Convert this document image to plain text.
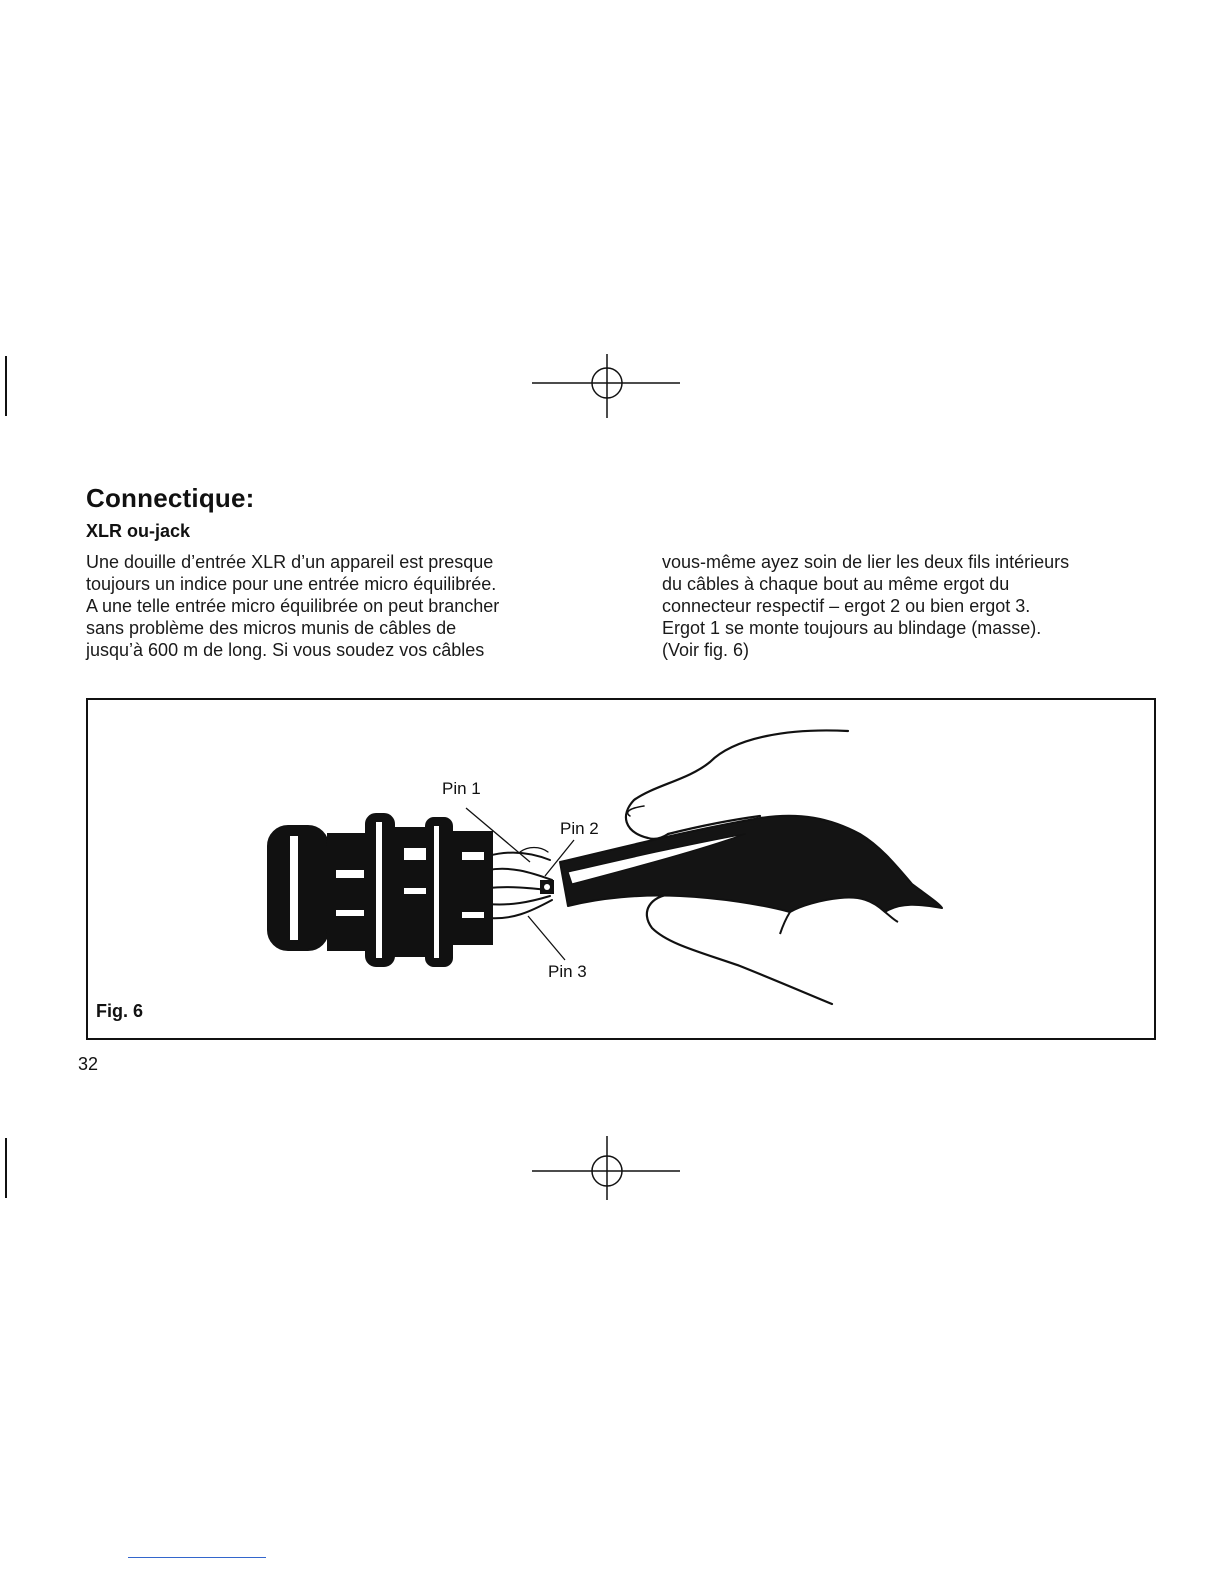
Connectique:
XLR ou-jack
Une douille d’entrée XLR d’un appareil est presque
toujours un indice pour une entrée micro équilibrée.
A une telle entrée micro équilibrée on peut brancher
sans problème des micros munis de câbles de
jusqu’à 600 m de long. Si vous soudez vos câbles
vous-même ayez soin de lier les deux fils intérieurs
du câbles à chaque bout au même ergot du
connecteur respectif – ergot 2 ou bien ergot 3.
Ergot 1 se monte toujours au blindage (masse).
(Voir fig. 6)
Pin 1
Pin 2
Pin 3
Fig. 6
32
